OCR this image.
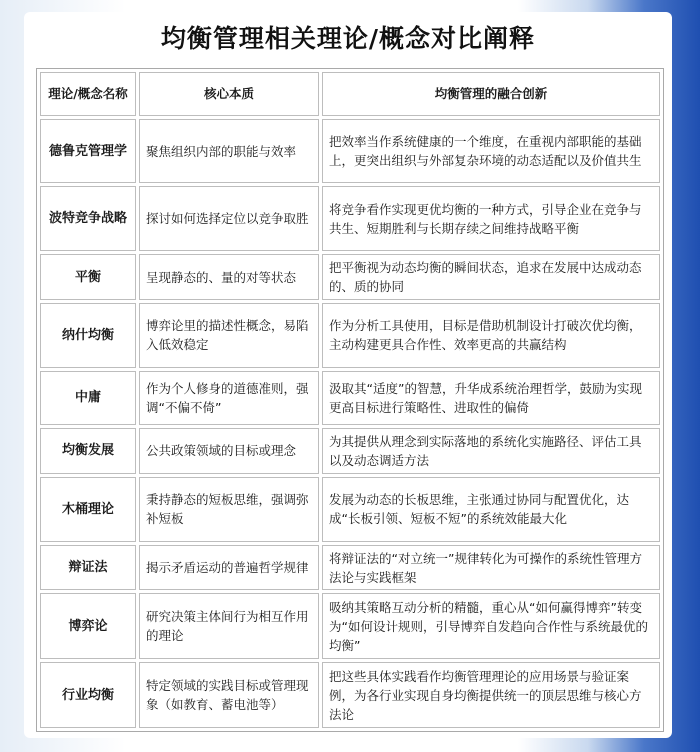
均衡管理相关理论/概念对比阐释
理论/概念名称	核心本质	均衡管理的融合创新
德鲁克管理学	聚焦组织内部的职能与效率	把效率当作系统健康的一个维度，在重视内部职能的基础上，更突出组织与外部复杂环境的动态适配以及价值共生
波特竞争战略	探讨如何选择定位以竞争取胜	将竞争看作实现更优均衡的一种方式，引导企业在竞争与共生、短期胜利与长期存续之间维持战略平衡
平衡	呈现静态的、量的对等状态	把平衡视为动态均衡的瞬间状态，追求在发展中达成动态的、质的协同
纳什均衡	博弈论里的描述性概念，易陷入低效稳定	作为分析工具使用，目标是借助机制设计打破次优均衡，主动构建更具合作性、效率更高的共赢结构
中庸	作为个人修身的道德准则，强调“不偏不倚”	汲取其“适度”的智慧，升华成系统治理哲学，鼓励为实现更高目标进行策略性、进取性的偏倚
均衡发展	公共政策领域的目标或理念	为其提供从理念到实际落地的系统化实施路径、评估工具以及动态调适方法
木桶理论	秉持静态的短板思维，强调弥补短板	发展为动态的长板思维，主张通过协同与配置优化，达成“长板引领、短板不短”的系统效能最大化
辩证法	揭示矛盾运动的普遍哲学规律	将辩证法的“对立统一”规律转化为可操作的系统性管理方法论与实践框架
博弈论	研究决策主体间行为相互作用的理论	吸纳其策略互动分析的精髓，重心从“如何赢得博弈”转变为“如何设计规则，引导博弈自发趋向合作性与系统最优的均衡”
行业均衡	特定领域的实践目标或管理现象（如教育、蓄电池等）	把这些具体实践看作均衡管理理论的应用场景与验证案例，为各行业实现自身均衡提供统一的顶层思维与核心方法论
